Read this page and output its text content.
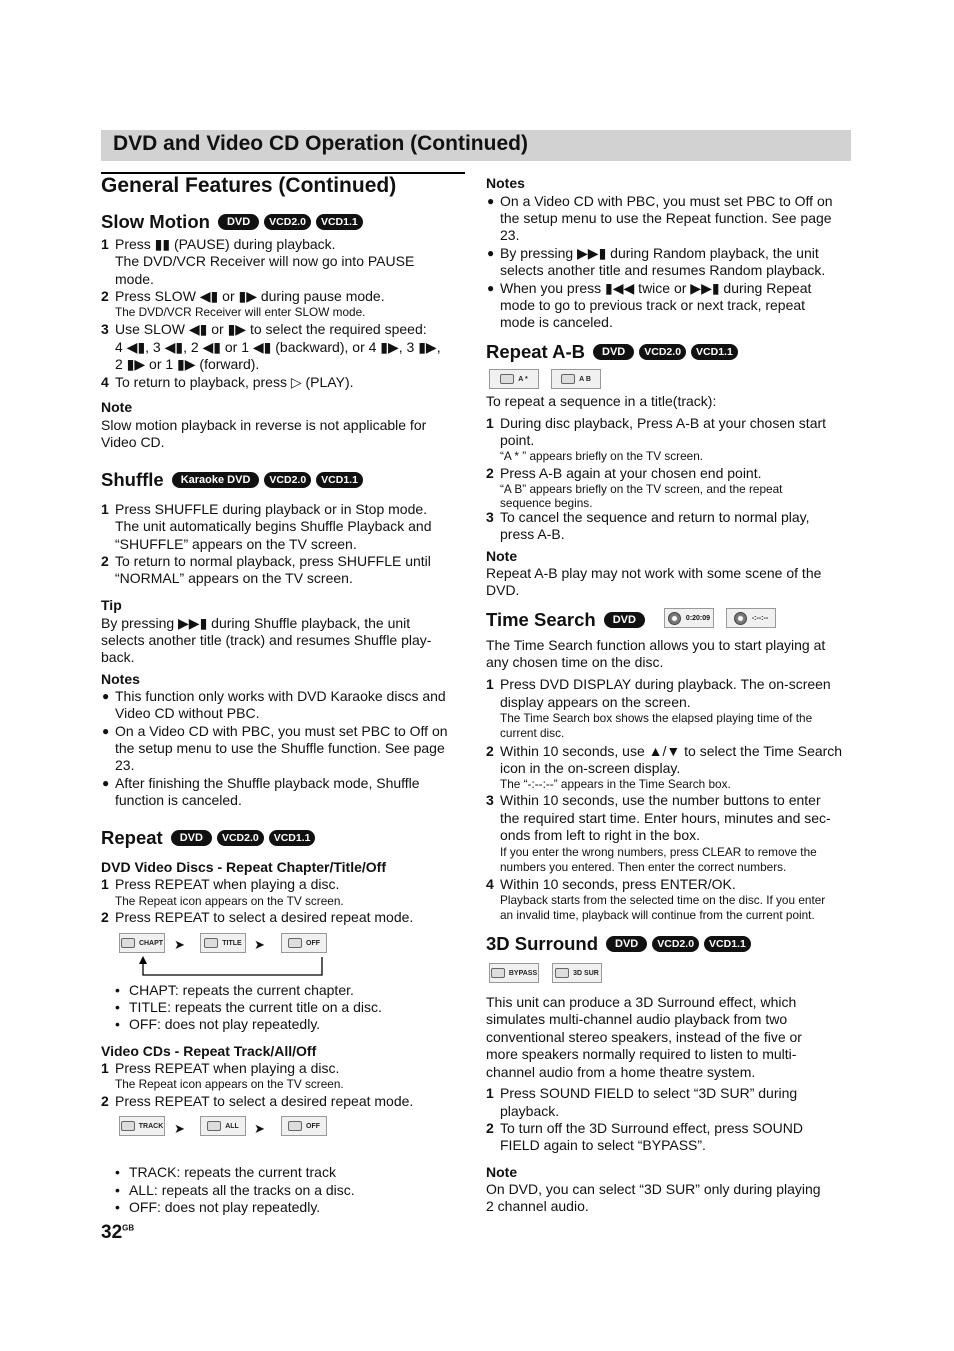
DVD and Video CD Operation (Continued)
General Features (Continued)
Slow Motion	DVD	VCD2.0	VCD1.1
1 Press ▮▮ (PAUSE) during playback.
The DVD/VCR Receiver will now go into PAUSE
mode.
2 Press SLOW ◀▮ or ▮▶ during pause mode.
The DVD/VCR Receiver will enter SLOW mode.
3 Use SLOW ◀▮ or ▮▶ to select the required speed:
4 ◀▮, 3 ◀▮, 2 ◀▮ or 1 ◀▮ (backward), or 4 ▮▶, 3 ▮▶,
2 ▮▶ or 1 ▮▶ (forward).
4 To return to playback, press ▷ (PLAY).
Note
Slow motion playback in reverse is not applicable for
Video CD.
Shuffle	Karaoke DVD	VCD2.0	VCD1.1
1 Press SHUFFLE during playback or in Stop mode.
The unit automatically begins Shuffle Playback and
“SHUFFLE” appears on the TV screen.
2 To return to normal playback, press SHUFFLE until
“NORMAL” appears on the TV screen.
Tip
By pressing ▶▶▮ during Shuffle playback, the unit
selects another title (track) and resumes Shuffle play-
back.
Notes
● This function only works with DVD Karaoke discs and
Video CD without PBC.
● On a Video CD with PBC, you must set PBC to Off on
the setup menu to use the Shuffle function. See page
23.
● After finishing the Shuffle playback mode, Shuffle
function is canceled.
Repeat	DVD	VCD2.0	VCD1.1
DVD Video Discs - Repeat Chapter/Title/Off
1 Press REPEAT when playing a disc.
The Repeat icon appears on the TV screen.
2 Press REPEAT to select a desired repeat mode.
CHAPT ➤	TITLE ➤	OFF
• CHAPT: repeats the current chapter.
• TITLE: repeats the current title on a disc.
• OFF: does not play repeatedly.
Video CDs - Repeat Track/All/Off
1 Press REPEAT when playing a disc.
The Repeat icon appears on the TV screen.
2 Press REPEAT to select a desired repeat mode.
TRACK ➤	ALL ➤	OFF
• TRACK: repeats the current track
• ALL: repeats all the tracks on a disc.
• OFF: does not play repeatedly.
$32^{GB}$
Notes
● On a Video CD with PBC, you must set PBC to Off on
the setup menu to use the Repeat function. See page
23.
● By pressing ▶▶▮ during Random playback, the unit
selects another title and resumes Random playback.
● When you press ▮◀◀ twice or ▶▶▮ during Repeat
mode to go to previous track or next track, repeat
mode is canceled.
Repeat A-B	DVD	VCD2.0	VCD1.1
A *	A B
To repeat a sequence in a title(track):
1 During disc playback, Press A-B at your chosen start
point.
“A * ” appears briefly on the TV screen.
2 Press A-B again at your chosen end point.
“A B” appears briefly on the TV screen, and the repeat
sequence begins.
3 To cancel the sequence and return to normal play,
press A-B.
Note
Repeat A-B play may not work with some scene of the
DVD.
Time Search	DVD	0:20:09	-:--:--
The Time Search function allows you to start playing at
any chosen time on the disc.
1 Press DVD DISPLAY during playback. The on-screen
display appears on the screen.
The Time Search box shows the elapsed playing time of the
current disc.
2 Within 10 seconds, use ▲/▼ to select the Time Search
icon in the on-screen display.
The “-:--:--” appears in the Time Search box.
3 Within 10 seconds, use the number buttons to enter
the required start time. Enter hours, minutes and sec-
onds from left to right in the box.
If you enter the wrong numbers, press CLEAR to remove the
numbers you entered. Then enter the correct numbers.
4 Within 10 seconds, press ENTER/OK.
Playback starts from the selected time on the disc. If you enter
an invalid time, playback will continue from the current point.
3D Surround	DVD	VCD2.0	VCD1.1
BYPASS	3D SUR
This unit can produce a 3D Surround effect, which
simulates multi-channel audio playback from two
conventional stereo speakers, instead of the five or
more speakers normally required to listen to multi-
channel audio from a home theatre system.
1 Press SOUND FIELD to select “3D SUR” during
playback.
2 To turn off the 3D Surround effect, press SOUND
FIELD again to select “BYPASS”.
Note
On DVD, you can select “3D SUR” only during playing
2 channel audio.
